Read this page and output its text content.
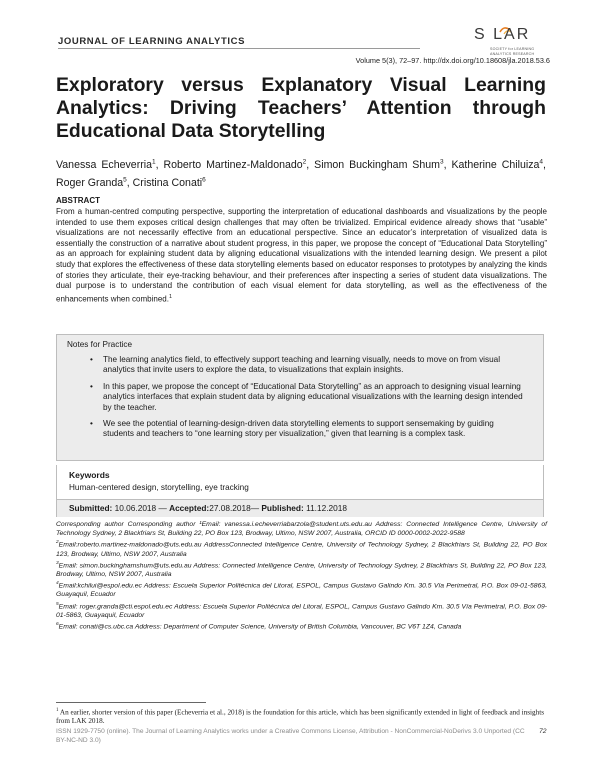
JOURNAL OF LEARNING ANALYTICS	S LAR
SOCIETY for LEARNING
ANALYTICS RESEARCH
Volume 5(3), 72–97. http://dx.doi.org/10.18608/jla.2018.53.6
Exploratory versus Explanatory Visual Learning Analytics: Driving Teachers’ Attention through Educational Data Storytelling
Vanessa Echeverria$^1$, Roberto Martinez-Maldonado$^2$, Simon Buckingham Shum$^3$, Katherine Chiluiza$^4$, Roger Granda$^5$, Cristina Conati$^6$
ABSTRACT

From a human-centred computing perspective, supporting the interpretation of educational dashboards and visualizations by the people intended to use them exposes critical design challenges that may often be trivialized. Empirical evidence already shows that “usable” visualizations are not necessarily effective from an educational perspective. Since an educator’s interpretation of visualized data is essentially the construction of a narrative about student progress, in this paper, we propose the concept of “Educational Data Storytelling” as an approach for explaining student data by aligning educational visualizations with the intended learning design. We present a pilot study that explores the effectiveness of these data storytelling elements based on educator responses to prototypes by analyzing the kinds of stories they articulate, their eye-tracking behaviour, and their preferences after inspecting a series of student data visualizations. The dual purpose is to understand the contribution of each visual element for data storytelling, as well as the effectiveness of the enhancements when combined.$^1$

Notes for Practice
• The learning analytics field, to effectively support teaching and learning visually, needs to move on from visual analytics that invite users to explore the data, to visualizations that explain insights.
• In this paper, we propose the concept of “Educational Data Storytelling” as an approach to designing visual learning analytics interfaces that explain student data by aligning educational visualizations with the learning design intended by the teacher.
• We see the potential of learning-design-driven data storytelling elements to support sensemaking by guiding students and teachers to “one learning story per visualization,” given that learning is a complex task.
Keywords
Human-centered design, storytelling, eye tracking
Submitted: 10.06.2018 — Accepted:27.08.2018— Published: 11.12.2018

Corresponding author Corresponding author ¹Email: vanessa.i.echeverriabarzola@student.uts.edu.au Address: Connected Intelligence Centre, University of Technology Sydney, 2 Blackfriars St, Building 22, PO Box 123, Brodway, Ultimo, NSW 2007, Australia, ORCID ID 0000-0002-2022-9588

$^2$Email:roberto.martinez-maldonado@uts.edu.au AddressConnected Intelligence Centre, University of Technology Sydney, 2 Blackfriars St, Building 22, PO Box 123, Brodway, Ultimo, NSW 2007, Australia

$^3$Email: simon.buckinghamshum@uts.edu.au Address: Connected Intelligence Centre, University of Technology Sydney, 2 Blackfriars St, Building 22, PO Box 123, Brodway, Ultimo, NSW 2007, Australia

$^4$Email:kchilui@espol.edu.ec Address: Escuela Superior Politécnica del Litoral, ESPOL, Campus Gustavo Galindo Km. 30.5 Vía Perimetral, P.O. Box 09-01-5863, Guayaquil, Ecuador

$^5$Email: roger.granda@cti.espol.edu.ec Address: Escuela Superior Politécnica del Litoral, ESPOL, Campus Gustavo Galindo Km. 30.5 Vía Perimetral, P.O. Box 09-01-5863, Guayaquil, Ecuador

$^6$Email: conati@cs.ubc.ca Address: Department of Computer Science, University of British Columbia, Vancouver, BC V6T 1Z4, Canada

$^1$ An earlier, shorter version of this paper (Echeverria et al., 2018) is the foundation for this article, which has been significantly extended in light of feedback and insights from LAK 2018.
ISSN 1929-7750 (online). The Journal of Learning Analytics works under a Creative Commons License, Attribution - NonCommercial-NoDerivs 3.0 Unported (CC BY-NC-ND 3.0)
72
